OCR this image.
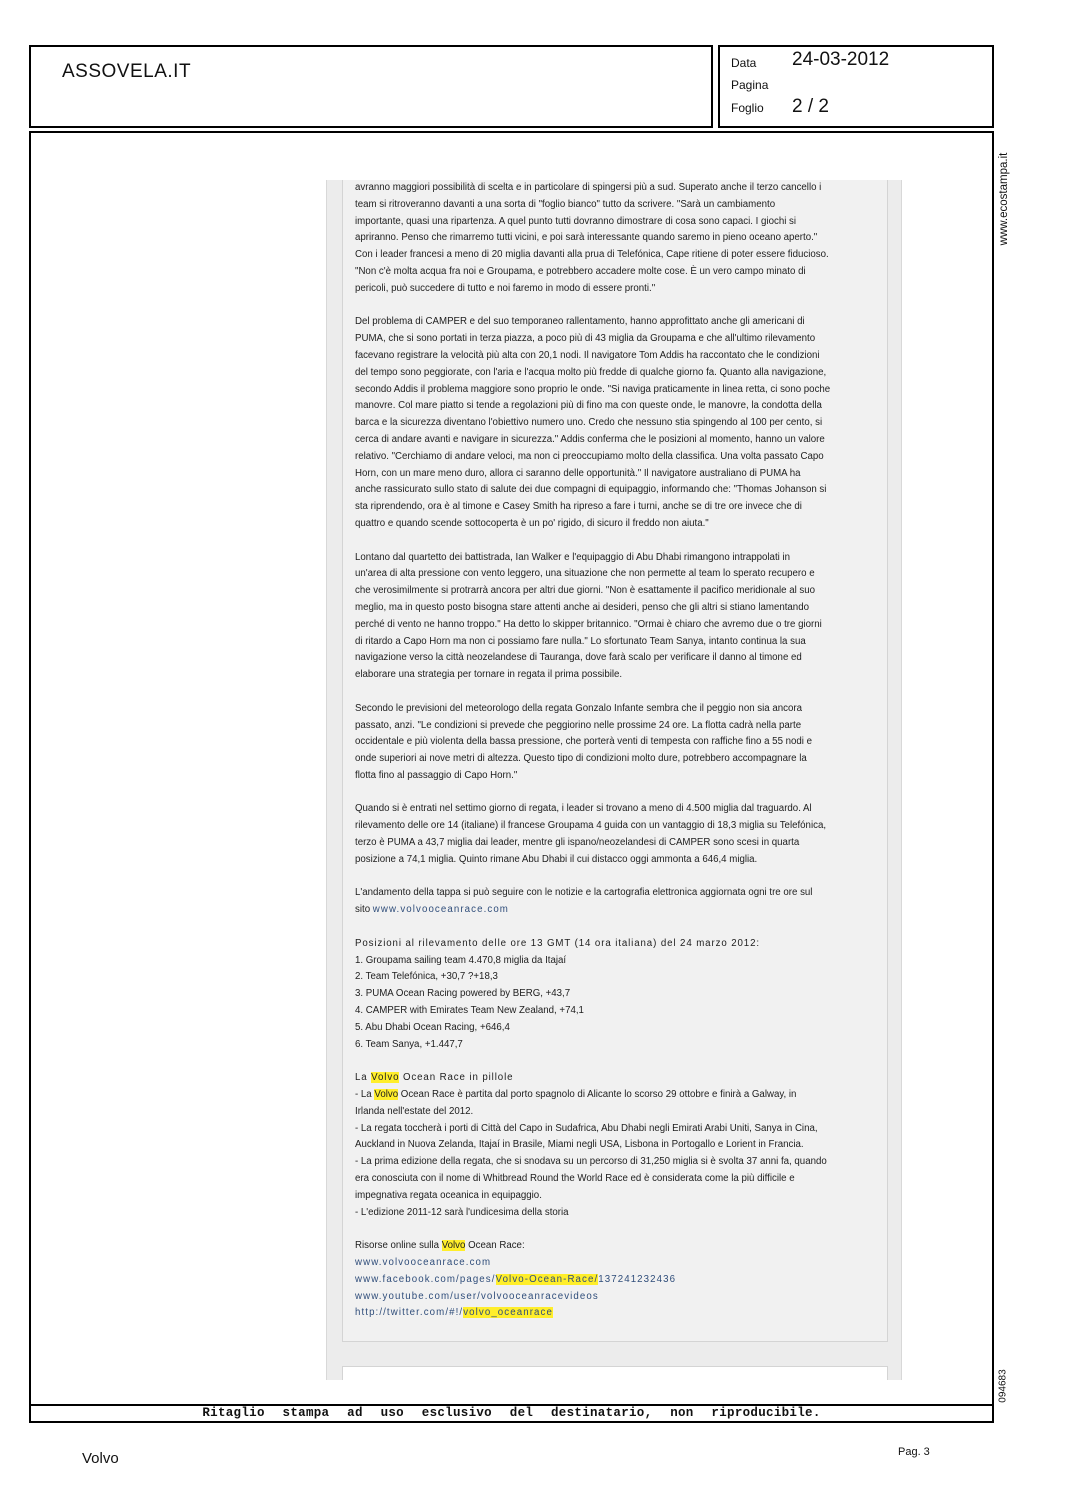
ASSOVELA.IT	Data 24-03-2012
Pagina
Foglio 2 / 2
www.ecostampa.it
094683

avranno maggiori possibilità di scelta e in particolare di spingersi più a sud. Superato anche il terzo cancello i
team si ritroveranno davanti a una sorta di "foglio bianco" tutto da scrivere. "Sarà un cambiamento
importante, quasi una ripartenza. A quel punto tutti dovranno dimostrare di cosa sono capaci. I giochi si
apriranno. Penso che rimarremo tutti vicini, e poi sarà interessante quando saremo in pieno oceano aperto."
Con i leader francesi a meno di 20 miglia davanti alla prua di Telefónica, Cape ritiene di poter essere fiducioso.
"Non c'è molta acqua fra noi e Groupama, e potrebbero accadere molte cose. È un vero campo minato di
pericoli, può succedere di tutto e noi faremo in modo di essere pronti."

Del problema di CAMPER e del suo temporaneo rallentamento, hanno approfittato anche gli americani di
PUMA, che si sono portati in terza piazza, a poco più di 43 miglia da Groupama e che all'ultimo rilevamento
facevano registrare la velocità più alta con 20,1 nodi. Il navigatore Tom Addis ha raccontato che le condizioni
del tempo sono peggiorate, con l'aria e l'acqua molto più fredde di qualche giorno fa. Quanto alla navigazione,
secondo Addis il problema maggiore sono proprio le onde. "Si naviga praticamente in linea retta, ci sono poche
manovre. Col mare piatto si tende a regolazioni più di fino ma con queste onde, le manovre, la condotta della
barca e la sicurezza diventano l'obiettivo numero uno. Credo che nessuno stia spingendo al 100 per cento, si
cerca di andare avanti e navigare in sicurezza." Addis conferma che le posizioni al momento, hanno un valore
relativo. "Cerchiamo di andare veloci, ma non ci preoccupiamo molto della classifica. Una volta passato Capo
Horn, con un mare meno duro, allora ci saranno delle opportunità." Il navigatore australiano di PUMA ha
anche rassicurato sullo stato di salute dei due compagni di equipaggio, informando che: "Thomas Johanson si
sta riprendendo, ora è al timone e Casey Smith ha ripreso a fare i turni, anche se di tre ore invece che di
quattro e quando scende sottocoperta è un po' rigido, di sicuro il freddo non aiuta."

Lontano dal quartetto dei battistrada, Ian Walker e l'equipaggio di Abu Dhabi rimangono intrappolati in
un'area di alta pressione con vento leggero, una situazione che non permette al team lo sperato recupero e
che verosimilmente si protrarrà ancora per altri due giorni. "Non è esattamente il pacifico meridionale al suo
meglio, ma in questo posto bisogna stare attenti anche ai desideri, penso che gli altri si stiano lamentando
perché di vento ne hanno troppo." Ha detto lo skipper britannico. "Ormai è chiaro che avremo due o tre giorni
di ritardo a Capo Horn ma non ci possiamo fare nulla." Lo sfortunato Team Sanya, intanto continua la sua
navigazione verso la città neozelandese di Tauranga, dove farà scalo per verificare il danno al timone ed
elaborare una strategia per tornare in regata il prima possibile.

Secondo le previsioni del meteorologo della regata Gonzalo Infante sembra che il peggio non sia ancora
passato, anzi. "Le condizioni si prevede che peggiorino nelle prossime 24 ore. La flotta cadrà nella parte
occidentale e più violenta della bassa pressione, che porterà venti di tempesta con raffiche fino a 55 nodi e
onde superiori ai nove metri di altezza. Questo tipo di condizioni molto dure, potrebbero accompagnare la
flotta fino al passaggio di Capo Horn."

Quando si è entrati nel settimo giorno di regata, i leader si trovano a meno di 4.500 miglia dal traguardo. Al
rilevamento delle ore 14 (italiane) il francese Groupama 4 guida con un vantaggio di 18,3 miglia su Telefónica,
terzo è PUMA a 43,7 miglia dai leader, mentre gli ispano/neozelandesi di CAMPER sono scesi in quarta
posizione a 74,1 miglia. Quinto rimane Abu Dhabi il cui distacco oggi ammonta a 646,4 miglia.

L'andamento della tappa si può seguire con le notizie e la cartografia elettronica aggiornata ogni tre ore sul
sito www.volvooceanrace.com

Posizioni al rilevamento delle ore 13 GMT (14 ora italiana) del 24 marzo 2012:
1. Groupama sailing team 4.470,8 miglia da Itajaí
2. Team Telefónica, +30,7 ?+18,3
3. PUMA Ocean Racing powered by BERG, +43,7
4. CAMPER with Emirates Team New Zealand, +74,1
5. Abu Dhabi Ocean Racing, +646,4
6. Team Sanya, +1.447,7

La Volvo Ocean Race in pillole
- La Volvo Ocean Race è partita dal porto spagnolo di Alicante lo scorso 29 ottobre e finirà a Galway, in
Irlanda nell'estate del 2012.
- La regata toccherà i porti di Città del Capo in Sudafrica, Abu Dhabi negli Emirati Arabi Uniti, Sanya in Cina,
Auckland in Nuova Zelanda, Itajaí in Brasile, Miami negli USA, Lisbona in Portogallo e Lorient in Francia.
- La prima edizione della regata, che si snodava su un percorso di 31,250 miglia si è svolta 37 anni fa, quando
era conosciuta con il nome di Whitbread Round the World Race ed è considerata come la più difficile e
impegnativa regata oceanica in equipaggio.
- L'edizione 2011-12 sarà l'undicesima della storia

Risorse online sulla Volvo Ocean Race:
www.volvooceanrace.com
www.facebook.com/pages/Volvo-Ocean-Race/137241232436
www.youtube.com/user/volvooceanracevideos
http://twitter.com/#!/volvo_oceanrace

Ritaglio stampa ad uso esclusivo del destinatario, non riproducibile.
Volvo	Pag. 3
